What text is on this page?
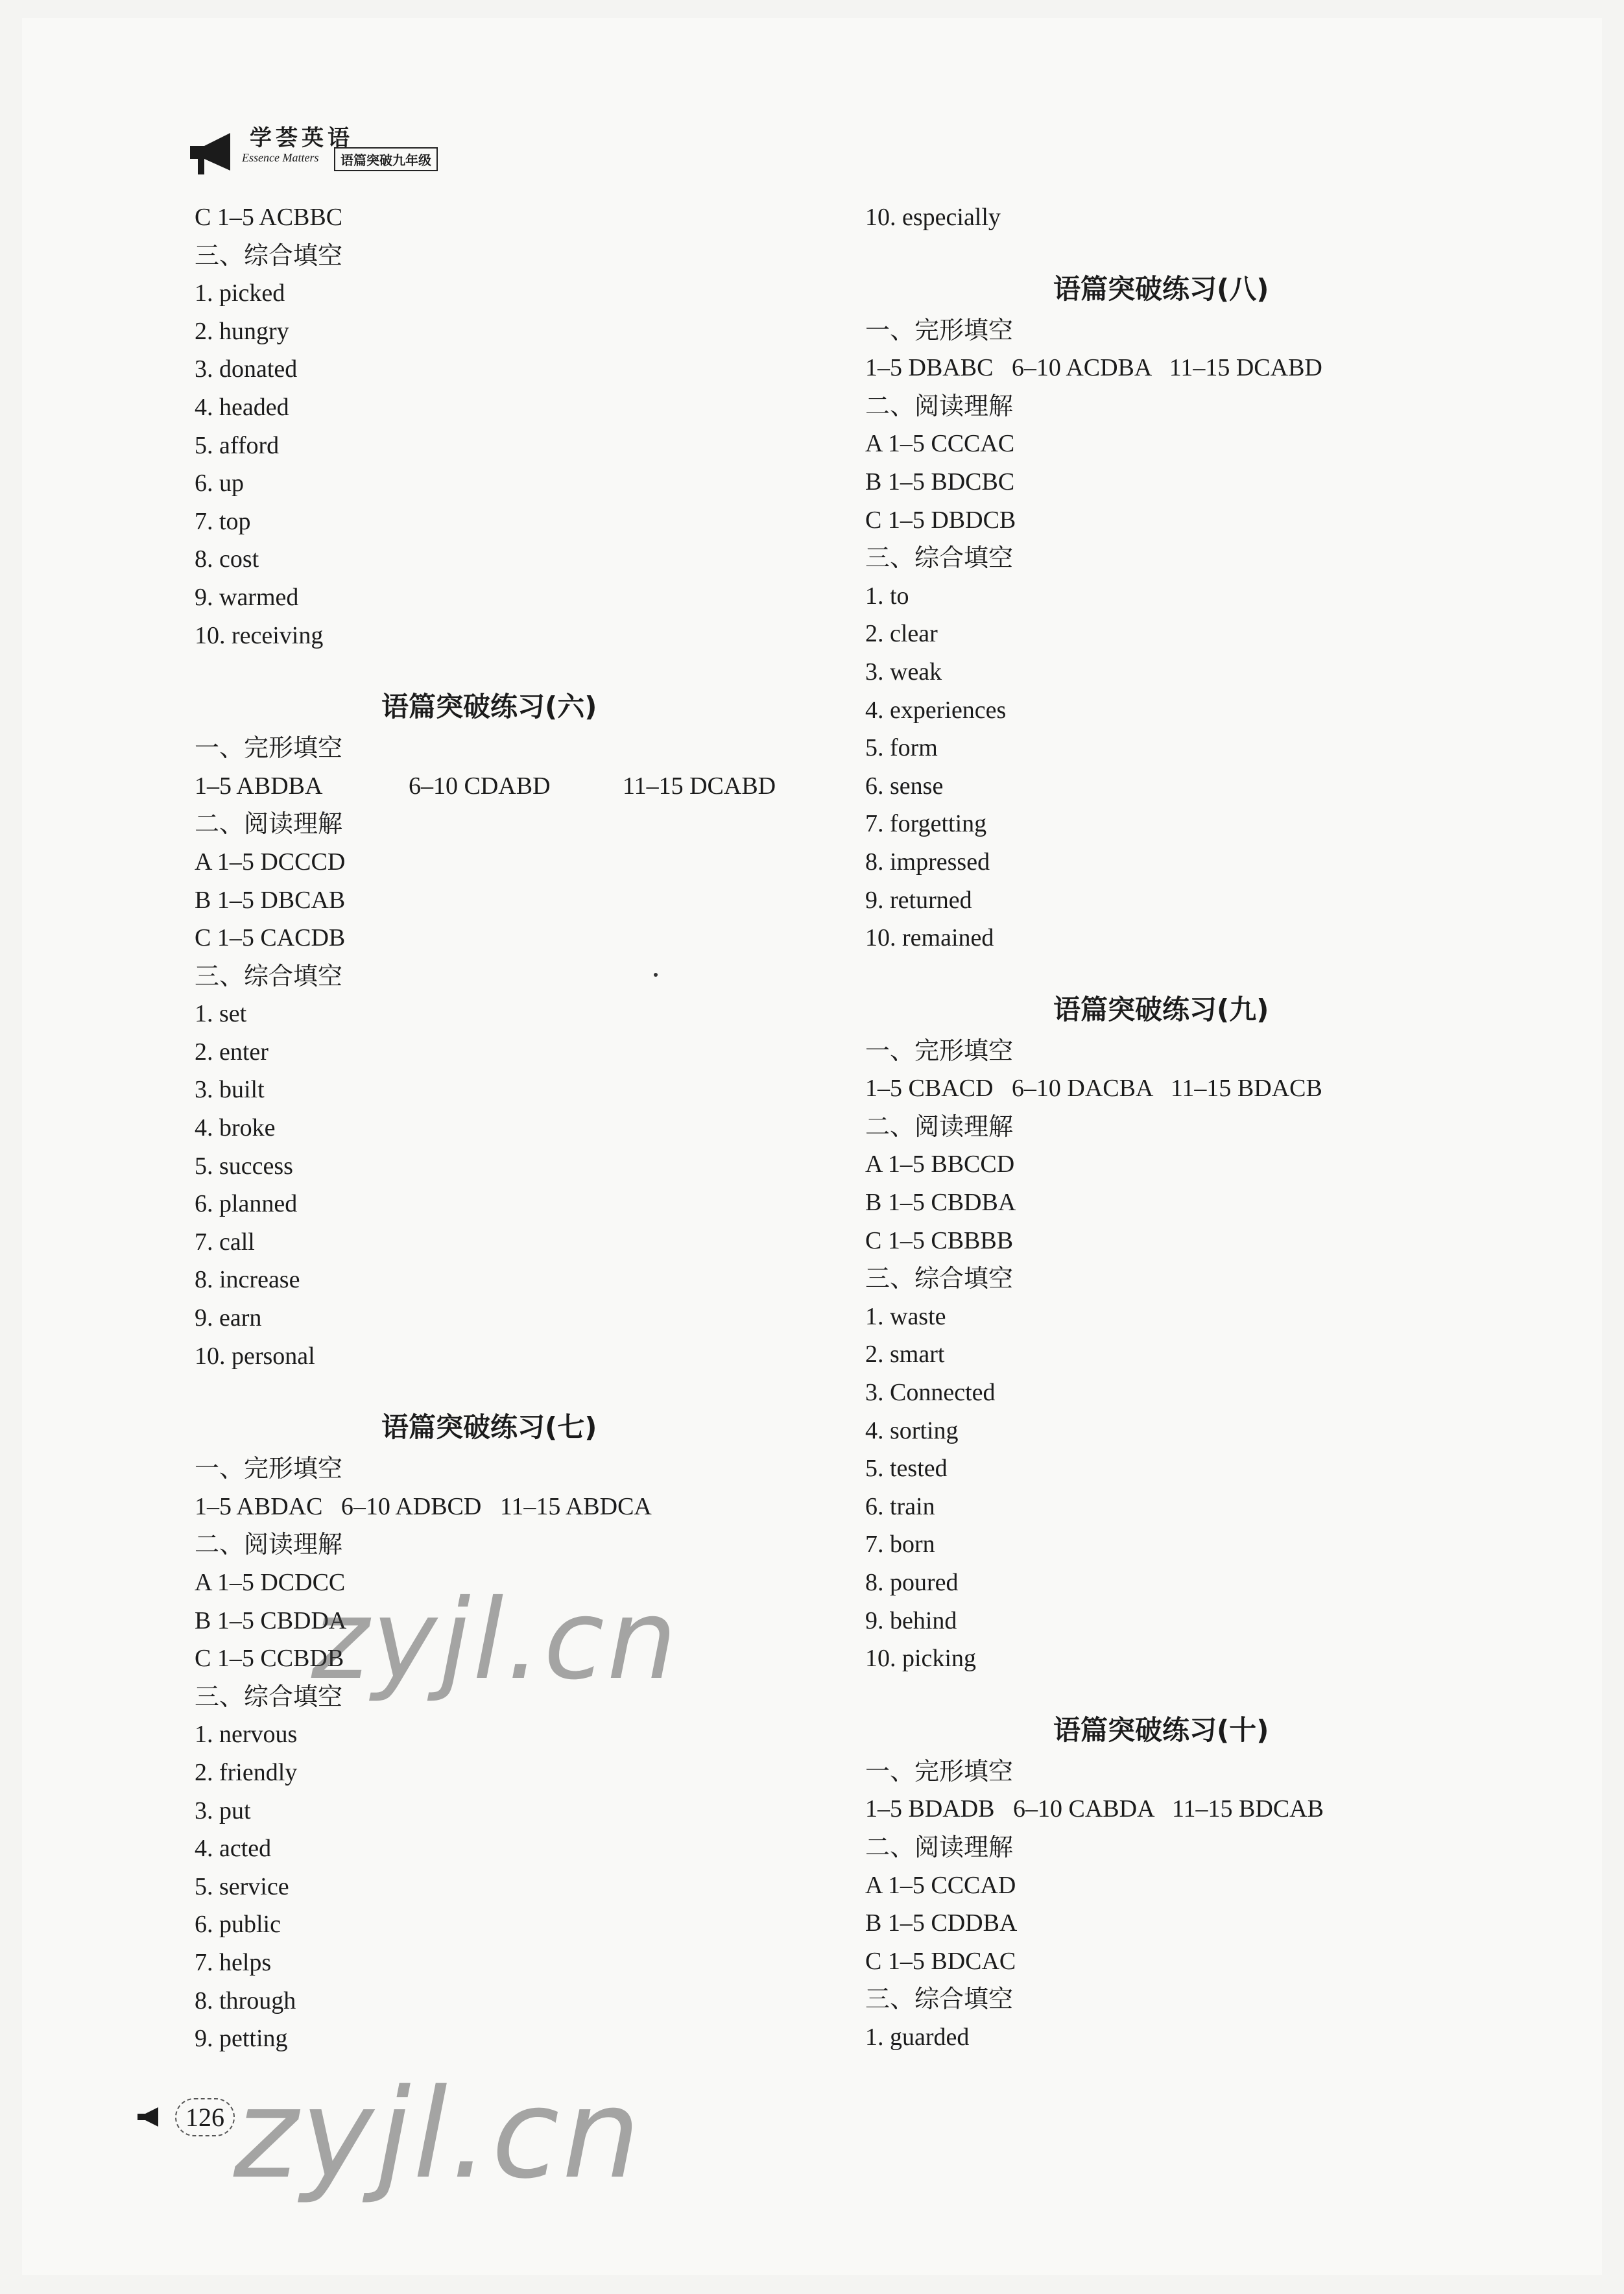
学荟英语
Essence Matters	语篇突破九年级
C 1–5 ACBBC
三、综合填空
1. picked
2. hungry
3. donated
4. headed
5. afford
6. up
7. top
8. cost
9. warmed
10. receiving
语篇突破练习(六)
一、完形填空
1–5 ABDBA	6–10 CDABD	11–15 DCABD
二、阅读理解
A 1–5 DCCCD
B 1–5 DBCAB
C 1–5 CACDB
三、综合填空
1. set
2. enter
3. built
4. broke
5. success
6. planned
7. call
8. increase
9. earn
10. personal
语篇突破练习(七)
一、完形填空
1–5 ABDAC   6–10 ADBCD   11–15 ABDCA
二、阅读理解
A 1–5 DCDCC
B 1–5 CBDDA
C 1–5 CCBDB
三、综合填空
1. nervous
2. friendly
3. put
4. acted
5. service
6. public
7. helps
8. through
9. petting
10. especially
语篇突破练习(八)
一、完形填空
1–5 DBABC   6–10 ACDBA   11–15 DCABD
二、阅读理解
A 1–5 CCCAC
B 1–5 BDCBC
C 1–5 DBDCB
三、综合填空
1. to
2. clear
3. weak
4. experiences
5. form
6. sense
7. forgetting
8. impressed
9. returned
10. remained
语篇突破练习(九)
一、完形填空
1–5 CBACD   6–10 DACBA   11–15 BDACB
二、阅读理解
A 1–5 BBCCD
B 1–5 CBDBA
C 1–5 CBBBB
三、综合填空
1. waste
2. smart
3. Connected
4. sorting
5. tested
6. train
7. born
8. poured
9. behind
10. picking
语篇突破练习(十)
一、完形填空
1–5 BDADB   6–10 CABDA   11–15 BDCAB
二、阅读理解
A 1–5 CCCAD
B 1–5 CDDBA
C 1–5 BDCAC
三、综合填空
1. guarded
126
zyjl.cn
zyjl.cn
